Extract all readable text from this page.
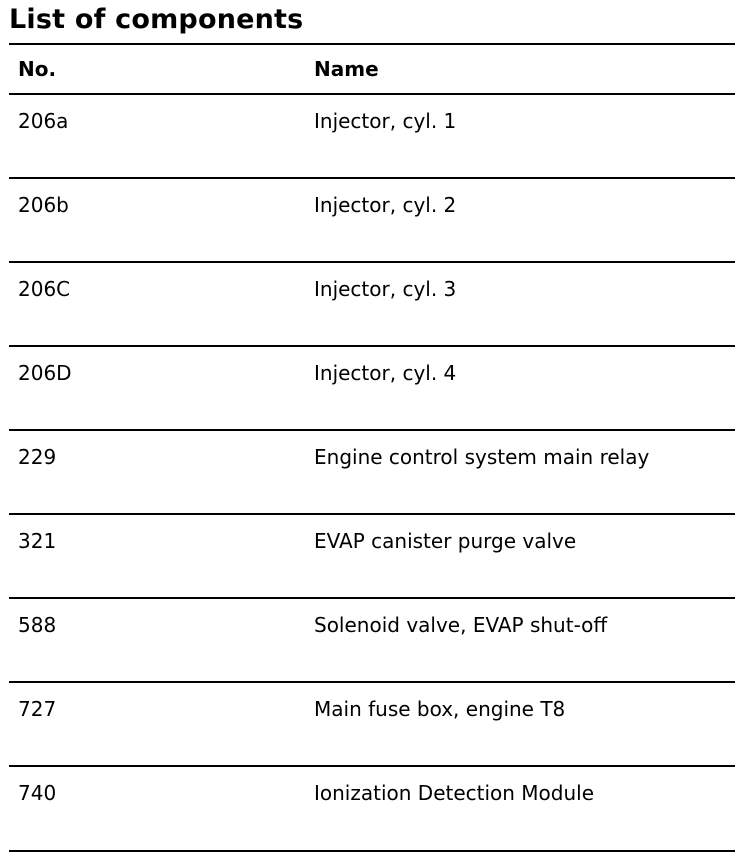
List of components
No.	Name
206a	Injector, cyl. 1
206b	Injector, cyl. 2
206C	Injector, cyl. 3
206D	Injector, cyl. 4
229	Engine control system main relay
321	EVAP canister purge valve
588	Solenoid valve, EVAP shut-off
727	Main fuse box, engine T8
740	Ionization Detection Module
